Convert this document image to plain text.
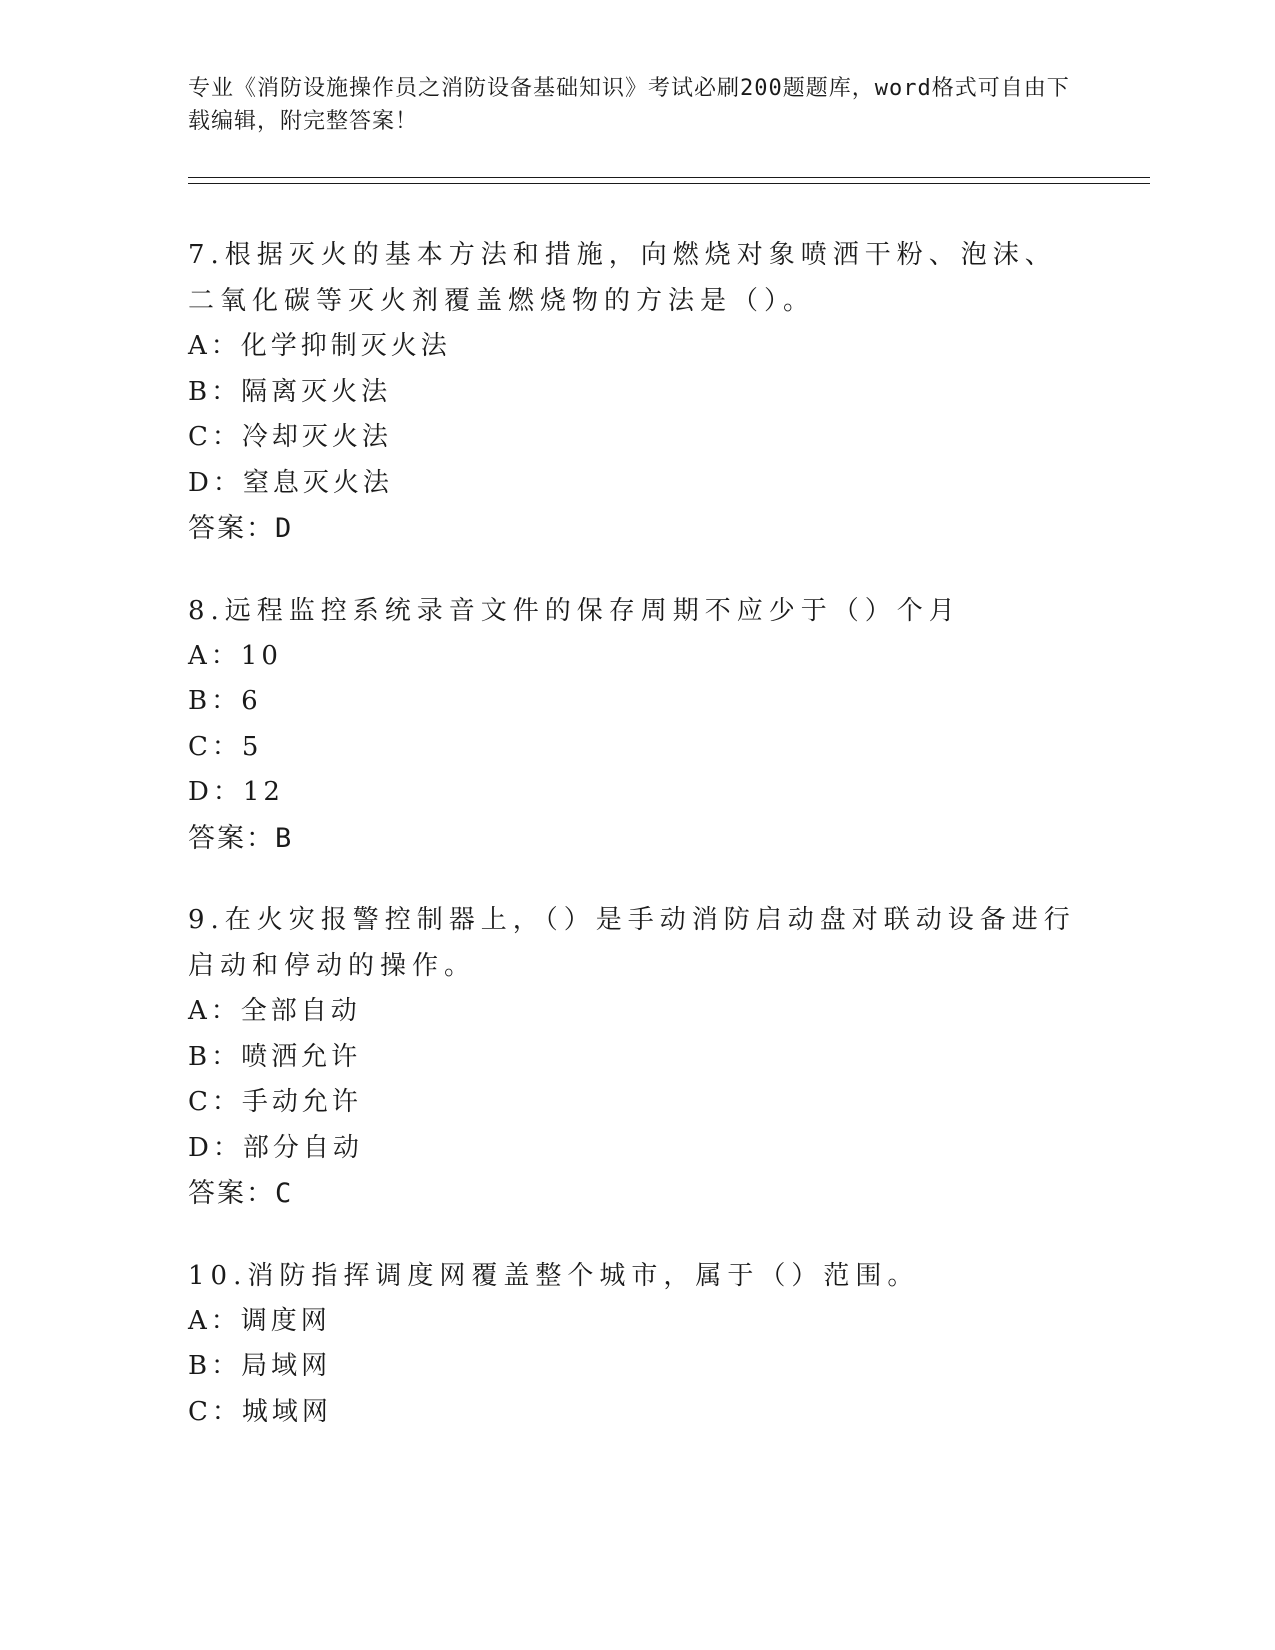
专业《消防设施操作员之消防设备基础知识》考试必刷200题题库，word格式可自由下载编辑，附完整答案！
7.根据灭火的基本方法和措施，向燃烧对象喷洒干粉、泡沫、二氧化碳等灭火剂覆盖燃烧物的方法是（）。
A：化学抑制灭火法
B：隔离灭火法
C：冷却灭火法
D：窒息灭火法
答案：D
8.远程监控系统录音文件的保存周期不应少于（）个月
A：10
B：6
C：5
D：12
答案：B
9.在火灾报警控制器上，（）是手动消防启动盘对联动设备进行启动和停动的操作。
A：全部自动
B：喷洒允许
C：手动允许
D：部分自动
答案：C
10.消防指挥调度网覆盖整个城市，属于（）范围。
A：调度网
B：局域网
C：城域网
